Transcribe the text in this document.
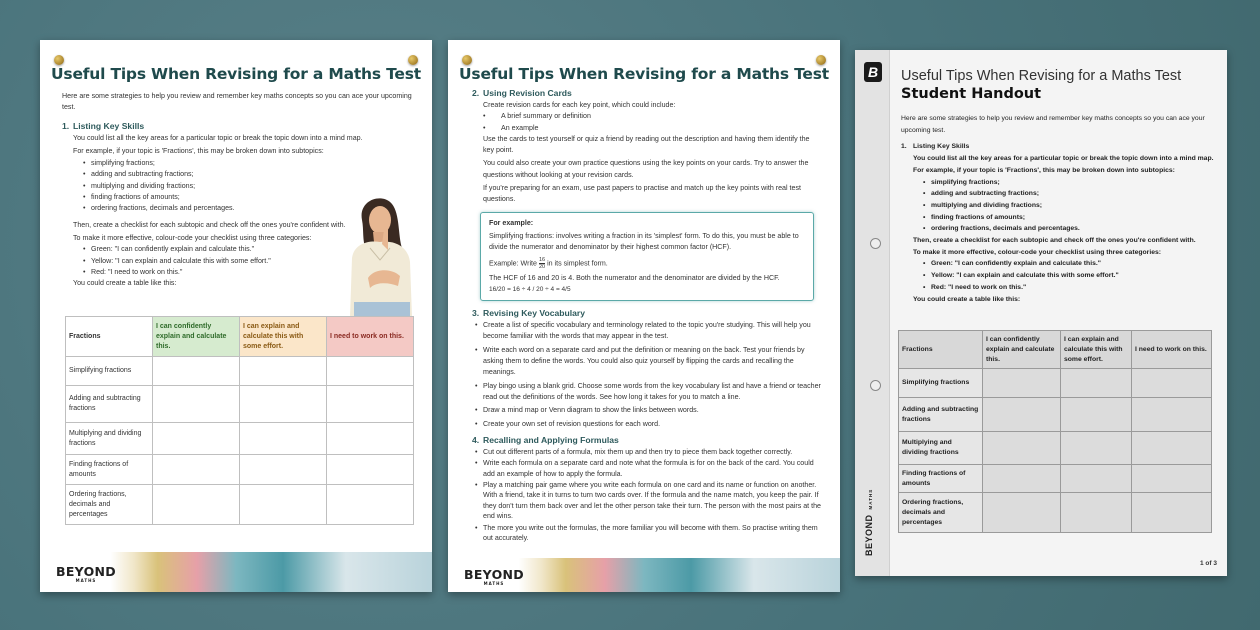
Useful Tips When Revising for a Maths Test
Here are some strategies to help you review and remember key maths concepts so you can ace your upcoming test.
1. Listing Key Skills
You could list all the key areas for a particular topic or break the topic down into a mind map.
For example, if your topic is 'Fractions', this may be broken down into subtopics:
• simplifying fractions;
• adding and subtracting fractions;
• multiplying and dividing fractions;
• finding fractions of amounts;
• ordering fractions, decimals and percentages.
Then, create a checklist for each subtopic and check off the ones you're confident with.
To make it more effective, colour-code your checklist using three categories:
• Green: "I can confidently explain and calculate this."
• Yellow: "I can explain and calculate this with some effort."
• Red: "I need to work on this."
You could create a table like this:
Fractions	I can confidently explain and calculate this.	I can explain and calculate this with some effort.	I need to work on this.
Simplifying fractions			
Adding and subtracting fractions			
Multiplying and dividing fractions			
Finding fractions of amounts			
Ordering fractions, decimals and percentages			
BEYOND
MATHS
Useful Tips When Revising for a Maths Test
2. Using Revision Cards
Create revision cards for each key point, which could include:
• A brief summary or definition
• An example
Use the cards to test yourself or quiz a friend by reading out the description and having them identify the key point.
You could also create your own practice questions using the key points on your cards. Try to answer the questions without looking at your revision cards.
If you're preparing for an exam, use past papers to practise and match up the key points with real test questions.
For example:
Simplifying fractions: involves writing a fraction in its 'simplest' form. To do this, you must be able to divide the numerator and denominator by their highest common factor (HCF).
Example: Write $\frac{16}{20}$ in its simplest form.
The HCF of 16 and 20 is 4. Both the numerator and the denominator are divided by the HCF.
16/20 = 16 ÷ 4 / 20 ÷ 4 = 4/5
3. Revising Key Vocabulary
• Create a list of specific vocabulary and terminology related to the topic you're studying. This will help you become familiar with the words that may appear in the test.
• Write each word on a separate card and put the definition or meaning on the back. Test your friends by asking them to define the words. You could also quiz yourself by flipping the cards and recalling the meanings.
• Play bingo using a blank grid. Choose some words from the key vocabulary list and have a friend or teacher read out the definitions of the words. See how long it takes for you to match a line.
• Draw a mind map or Venn diagram to show the links between words.
• Create your own set of revision questions for each word.
4. Recalling and Applying Formulas
• Cut out different parts of a formula, mix them up and then try to piece them back together correctly.
• Write each formula on a separate card and note what the formula is for on the back of the card. You could add an example of how to apply the formula.
• Play a matching pair game where you write each formula on one card and its name or function on another. With a friend, take it in turns to turn two cards over. If the formula and the name match, you keep the pair. If they don't turn them back over and let the other person take their turn. The person with the most pairs at the end wins.
• The more you write out the formulas, the more familiar you will become with them. So practise writing them out accurately.
BEYOND
MATHS
B
BEYOND MATHS
Useful Tips When Revising for a Maths Test
Student Handout
Here are some strategies to help you review and remember key maths concepts so you can ace your upcoming test.
1. Listing Key Skills
You could list all the key areas for a particular topic or break the topic down into a mind map.
For example, if your topic is 'Fractions', this may be broken down into subtopics:
• simplifying fractions;
• adding and subtracting fractions;
• multiplying and dividing fractions;
• finding fractions of amounts;
• ordering fractions, decimals and percentages.
Then, create a checklist for each subtopic and check off the ones you're confident with.
To make it more effective, colour-code your checklist using three categories:
• Green: "I can confidently explain and calculate this."
• Yellow: "I can explain and calculate this with some effort."
• Red: "I need to work on this."
You could create a table like this:
Fractions	I can confidently explain and calculate this.	I can explain and calculate this with some effort.	I need to work on this.
Simplifying fractions			
Adding and subtracting fractions			
Multiplying and dividing fractions			
Finding fractions of amounts			
Ordering fractions, decimals and percentages			
1 of 3
